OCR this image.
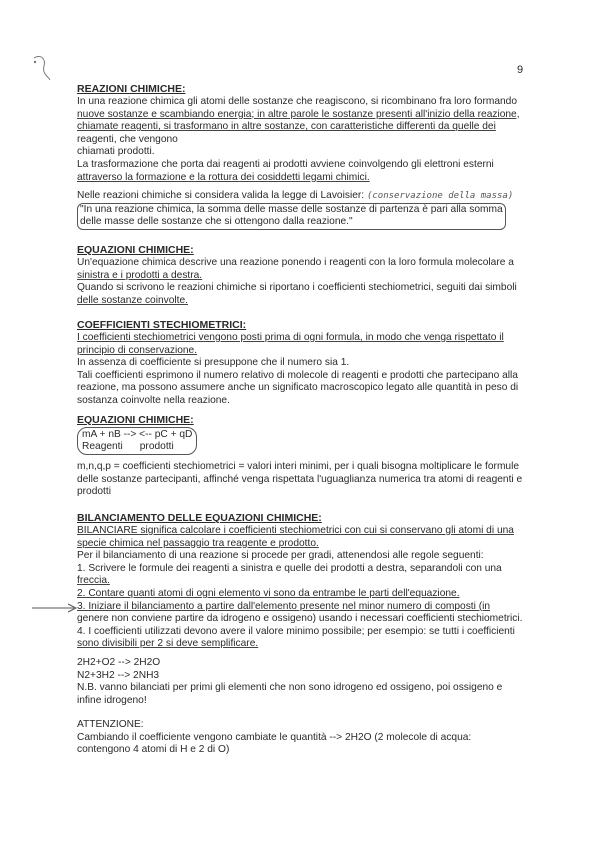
9

REAZIONI CHIMICHE:

In una reazione chimica gli atomi delle sostanze che reagiscono, si ricombinano fra loro formando

nuove sostanze e scambiando energia; in altre parole le sostanze presenti all'inizio della reazione,

chiamate reagenti, si trasformano in altre sostanze, con caratteristiche differenti da quelle dei

reagenti, che vengono

chiamati prodotti.

La trasformazione che porta dai reagenti ai prodotti avviene coinvolgendo gli elettroni esterni

attraverso la formazione e la rottura dei cosiddetti legami chimici.

Nelle reazioni chimiche si considera valida la legge di Lavoisier: (conservazione della massa)

"In una reazione chimica, la somma delle masse delle sostanze di partenza è pari alla somma

delle masse delle sostanze che si ottengono dalla reazione."

EQUAZIONI CHIMICHE:

Un'equazione chimica descrive una reazione ponendo i reagenti con la loro formula molecolare a

sinistra e i prodotti a destra.

Quando si scrivono le reazioni chimiche si riportano i coefficienti stechiometrici, seguiti dai simboli

delle sostanze coinvolte.

COEFFICIENTI STECHIOMETRICI:

I coefficienti stechiometrici vengono posti prima di ogni formula, in modo che venga rispettato il

principio di conservazione.

In assenza di coefficiente si presuppone che il numero sia 1.

Tali coefficienti esprimono il numero relativo di molecole di reagenti e prodotti che partecipano alla

reazione, ma possono assumere anche un significato macroscopico legato alle quantità in peso di

sostanza coinvolte nella reazione.

EQUAZIONI CHIMICHE:

mA + nB --> <-- pC + qD
Reagenti      prodotti

m,n,q,p = coefficienti stechiometrici = valori interi minimi, per i quali bisogna moltiplicare le formule

delle sostanze partecipanti, affinché venga rispettata l'uguaglianza numerica tra atomi di reagenti e

prodotti

BILANCIAMENTO DELLE EQUAZIONI CHIMICHE:

BILANCIARE significa calcolare i coefficienti stechiometrici con cui si conservano gli atomi di una

specie chimica nel passaggio tra reagente e prodotto.

Per il bilanciamento di una reazione si procede per gradi, attenendosi alle regole seguenti:

1. Scrivere le formule dei reagenti a sinistra e quelle dei prodotti a destra, separandoli con una

freccia.

2. Contare quanti atomi di ogni elemento vi sono da entrambe le parti dell'equazione.

3. Iniziare il bilanciamento a partire dall'elemento presente nel minor numero di composti (in

genere non conviene partire da idrogeno e ossigeno) usando i necessari coefficienti stechiometrici.

4. I coefficienti utilizzati devono avere il valore minimo possibile; per esempio: se tutti i coefficienti

sono divisibili per 2 si deve semplificare.

2H2+O2 --> 2H2O

N2+3H2 --> 2NH3

N.B. vanno bilanciati per primi gli elementi che non sono idrogeno ed ossigeno, poi ossigeno e

infine idrogeno!

ATTENZIONE:

Cambiando il coefficiente vengono cambiate le quantità --> 2H2O (2 molecole di acqua:

contengono 4 atomi di H e 2 di O)
